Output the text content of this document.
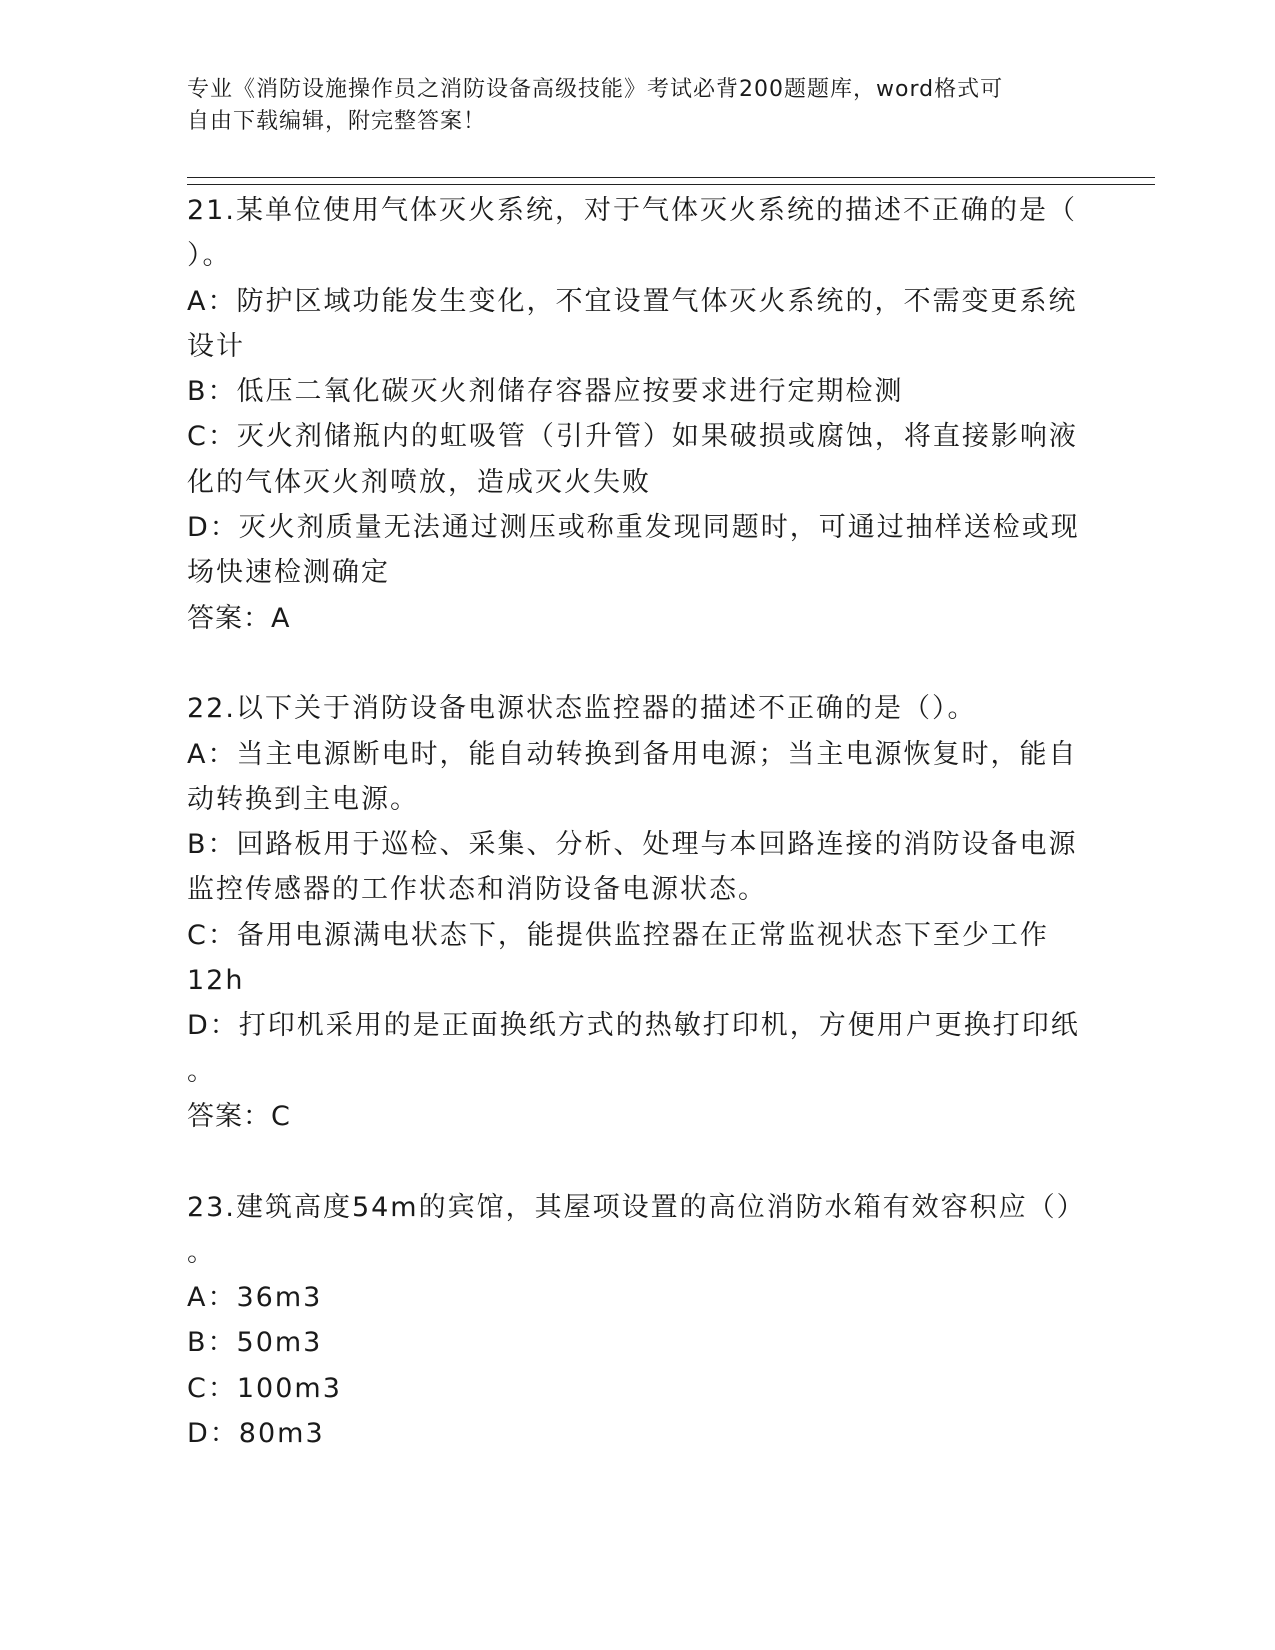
专业《消防设施操作员之消防设备高级技能》考试必背200题题库，word格式可
自由下载编辑，附完整答案！
21.某单位使用气体灭火系统，对于气体灭火系统的描述不正确的是（
）。
A：防护区域功能发生变化，不宜设置气体灭火系统的，不需变更系统
设计
B：低压二氧化碳灭火剂储存容器应按要求进行定期检测
C：灭火剂储瓶内的虹吸管（引升管）如果破损或腐蚀，将直接影响液
化的气体灭火剂喷放，造成灭火失败
D：灭火剂质量无法通过测压或称重发现同题时，可通过抽样送检或现
场快速检测确定
答案：A
22.以下关于消防设备电源状态监控器的描述不正确的是（）。
A：当主电源断电时，能自动转换到备用电源；当主电源恢复时，能自
动转换到主电源。
B：回路板用于巡检、采集、分析、处理与本回路连接的消防设备电源
监控传感器的工作状态和消防设备电源状态。
C：备用电源满电状态下，能提供监控器在正常监视状态下至少工作
12h
D：打印机采用的是正面换纸方式的热敏打印机，方便用户更换打印纸
。
答案：C
23.建筑高度54m的宾馆，其屋项设置的高位消防水箱有效容积应（）
。
A：36m3
B：50m3
C：100m3
D：80m3
